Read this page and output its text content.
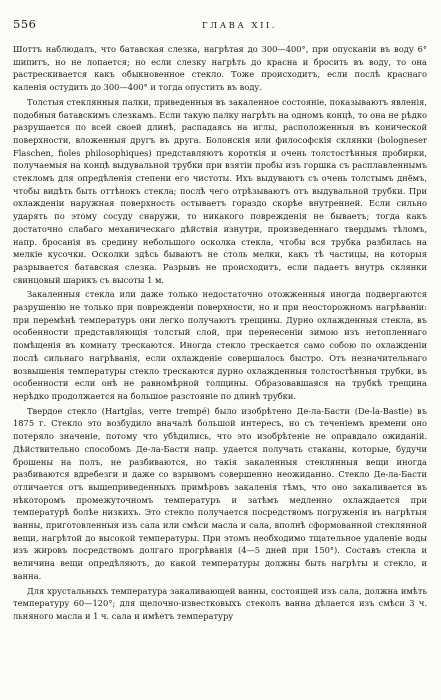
556	ГЛАВА XII.

Шоттъ наблюдалъ, что батавская слезка, нагрѣтая до 300—400°, при опусканіи въ воду 6° шипитъ, но не лопается; но если слезку нагрѣть до красна и бросить въ воду, то она растрескивается какъ обыкновенное стекло. Тоже происходитъ, если послѣ краснаго каленія остудить до 300—400° и тогда опустить въ воду.

Толстыя стеклянныя палки, приведенныя въ закаленное состояніе, показываютъ явленія, подобныя батавскимъ слезкамъ. Если такую палку нагрѣть на одномъ концѣ, то она не рѣдко разрушается по всей своей длинѣ, распадаясь на иглы, расположенныя въ конической поверхности, вложенныя другъ въ друга. Болонскія или философскія склянки (bologneser Flaschen, fioles philosophiques) представляютъ короткія и очень толстостѣнныя пробирки, получаемыя на концѣ выдувальной трубки при взятіи пробы изъ горшка съ расплавленнымъ стекломъ для опредѣленія степени его чистоты. Ихъ выдуваютъ съ очень толстымъ днёмъ, чтобы видѣть быть оттѣнокъ стекла; послѣ чего отрѣзываютъ отъ выдувальной трубки. При охлажденіи наружная поверхность остываетъ гораздо скорѣе внутренней. Если сильно ударять по этому сосуду снаружи, то никакого поврежденія не бываетъ; тогда какъ достаточно слабаго механическаго дѣйствія изнутри, произведеннаго твердымъ тѣломъ, напр. бросанія въ средину небольшого осколка стекла, чтобы вся трубка разбилась на мелкіе кусочки. Осколки здѣсь бываютъ не столь мелки, какъ тѣ частицы, на которыя разрывается батавская слезка. Разрывъ не происходитъ, если падаетъ внутрь склянки свинцовый шарикъ съ высоты 1 м.

Закаленныя стекла или даже только недостаточно отожженныя иногда подвергаются разрушенію не только при поврежденіи поверхности, но и при неосторожномъ нагрѣваніи: при перемѣнѣ температуръ они легко получаютъ трещины. Дурно охлажденныя стекла, въ особенности представляющія толстый слой, при перенесеніи зимою изъ нетопленнаго помѣщенія въ комнату трескаются. Иногда стекло трескается само собою по охлажденіи послѣ сильнаго нагрѣванія, если охлажденіе совершалось быстро. Отъ незначительнаго возвышенія температуры стекло трескаются дурно охлажденныя толстостѣнныя трубки, въ особенности если онѣ не равномѣрной толщины. Образовавшаяся на трубкѣ трещина нерѣдко продолжается на большое разстояніе по длинѣ трубки.

Твердое стекло (Hartglas, verre trempé) было изобрѣтено Де-ла-Басти (De-la-Bastie) въ 1875 г. Стекло это возбудило вначалѣ большой интересъ, но съ теченіемъ времени оно потеряло значеніе, потому что убѣдились, что это изобрѣтеніе не оправдало ожиданій. Дѣйствительно способомъ Де-ла-Басти напр. удается получать стаканы, которые, будучи брошены на полъ, не разбиваются, но такія закаленныя стеклянныя вещи иногда разбиваются вдребезги и даже со взрывомъ совершенно неожиданно. Стекло Де-ла-Басти отличается отъ вышеприведенныхъ примѣровъ закаленія тѣмъ, что оно закаливается въ нѣкоторомъ промежуточномъ температуръ и затѣмъ медленно охлаждается при температурѣ болѣе низкихъ. Это стекло получается посредствомъ погруженія въ нагрѣтыя ванны, приготовленныя изъ сала или смѣси масла и сала, вполнѣ сформованной стеклянной вещи, нагрѣтой до высокой температуры. При этомъ необходимо тщательное удаленіе воды изъ жировъ посредствомъ долгаго прогрѣванія (4—5 дней при 150°). Составъ стекла и величина вещи опредѣляютъ, до какой температуры должны быть нагрѣты и стекло, и ванна.

Для хрустальныхъ температура закаливающей ванны, состоящей изъ сала, должна имѣть температуру 60—120°; для щелочно-известковыхъ стеколъ ванна дѣлается изъ смѣси 3 ч. льняного масла и 1 ч. сала и имѣетъ температуру
